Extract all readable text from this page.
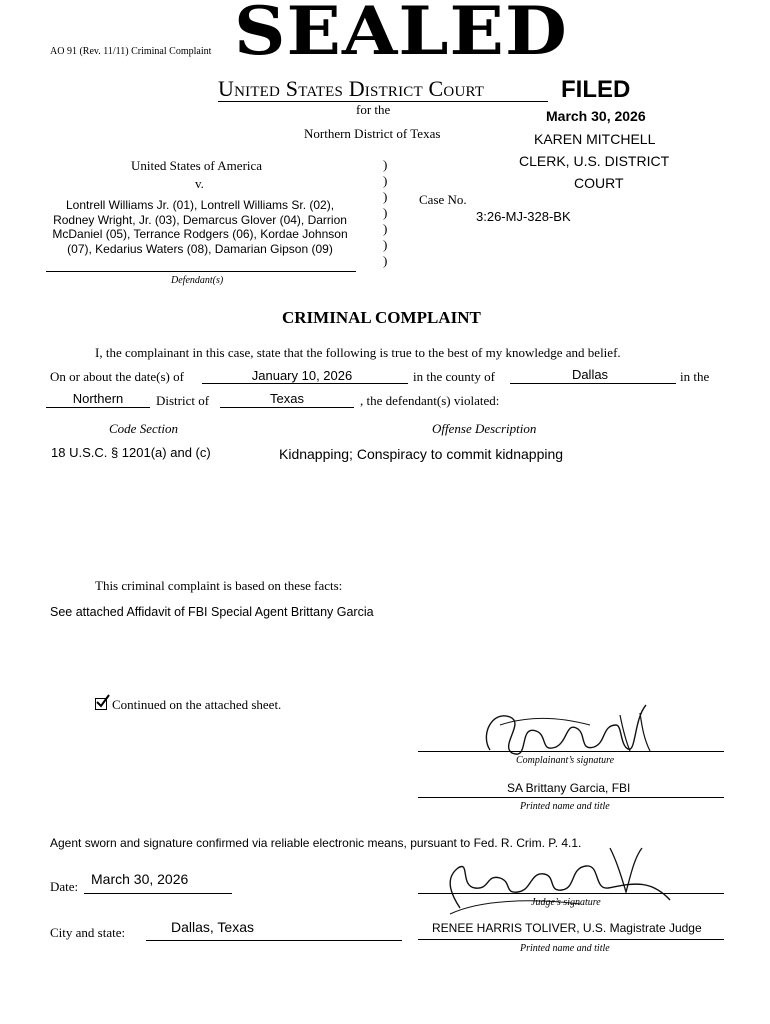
AO 91 (Rev. 11/11) Criminal Complaint SEALED
United States District Court
for the
Northern District of Texas
FILED
March 30, 2026
KAREN MITCHELL
CLERK, U.S. DISTRICT
COURT
United States of America
v.
Lontrell Williams Jr. (01), Lontrell Williams Sr. (02),
Rodney Wright, Jr. (03), Demarcus Glover (04), Darrion
McDaniel (05), Terrance Rodgers (06), Kordae Johnson
(07), Kedarius Waters (08), Damarian Gipson (09)
Defendant(s)
)
)
)
)
)
)
)
Case No.
3:26-MJ-328-BK
CRIMINAL COMPLAINT
I, the complainant in this case, state that the following is true to the best of my knowledge and belief.
On or about the date(s) of	January 10, 2026	in the county of	Dallas	in the
Northern	District of	Texas	, the defendant(s) violated:
Code Section	Offense Description
18 U.S.C. § 1201(a) and (c)	Kidnapping; Conspiracy to commit kidnapping
This criminal complaint is based on these facts:
See attached Affidavit of FBI Special Agent Brittany Garcia
Continued on the attached sheet.
Complainant’s signature
SA Brittany Garcia, FBI
Printed name and title
Agent sworn and signature confirmed via reliable electronic means, pursuant to Fed. R. Crim. P. 4.1.
Date: March 30, 2026
Judge’s signature
City and state:	Dallas, Texas	RENEE HARRIS TOLIVER, U.S. Magistrate Judge
Printed name and title
